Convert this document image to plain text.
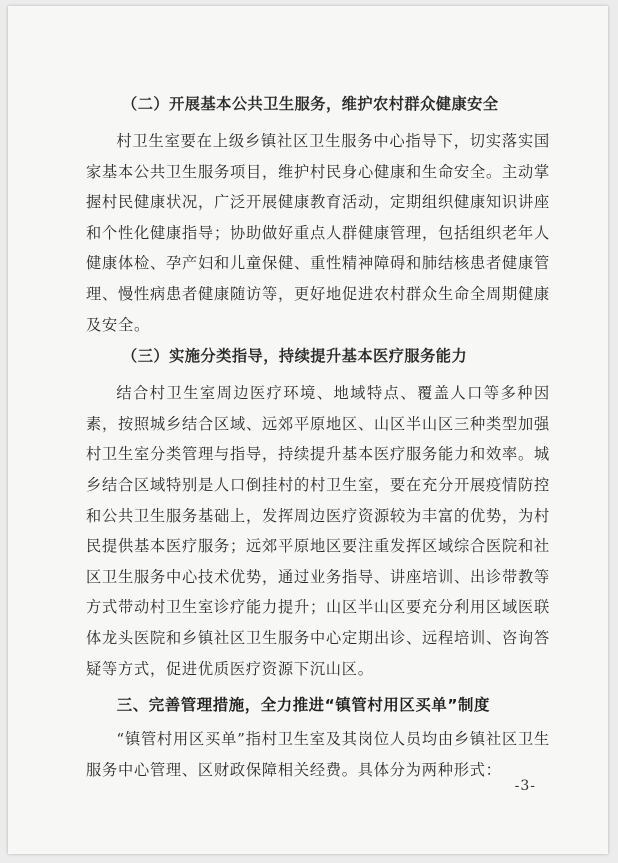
（二）开展基本公共卫生服务，维护农村群众健康安全

村卫生室要在上级乡镇社区卫生服务中心指导下，切实落实国家基本公共卫生服务项目，维护村民身心健康和生命安全。主动掌握村民健康状况，广泛开展健康教育活动，定期组织健康知识讲座和个性化健康指导；协助做好重点人群健康管理，包括组织老年人健康体检、孕产妇和儿童保健、重性精神障碍和肺结核患者健康管理、慢性病患者健康随访等，更好地促进农村群众生命全周期健康及安全。

（三）实施分类指导，持续提升基本医疗服务能力

结合村卫生室周边医疗环境、地域特点、覆盖人口等多种因素，按照城乡结合区域、远郊平原地区、山区半山区三种类型加强村卫生室分类管理与指导，持续提升基本医疗服务能力和效率。城乡结合区域特别是人口倒挂村的村卫生室，要在充分开展疫情防控和公共卫生服务基础上，发挥周边医疗资源较为丰富的优势，为村民提供基本医疗服务；远郊平原地区要注重发挥区域综合医院和社区卫生服务中心技术优势，通过业务指导、讲座培训、出诊带教等方式带动村卫生室诊疗能力提升；山区半山区要充分利用区域医联体龙头医院和乡镇社区卫生服务中心定期出诊、远程培训、咨询答疑等方式，促进优质医疗资源下沉山区。

三、完善管理措施，全力推进“镇管村用区买单”制度

“镇管村用区买单”指村卫生室及其岗位人员均由乡镇社区卫生服务中心管理、区财政保障相关经费。具体分为两种形式：

-3-
